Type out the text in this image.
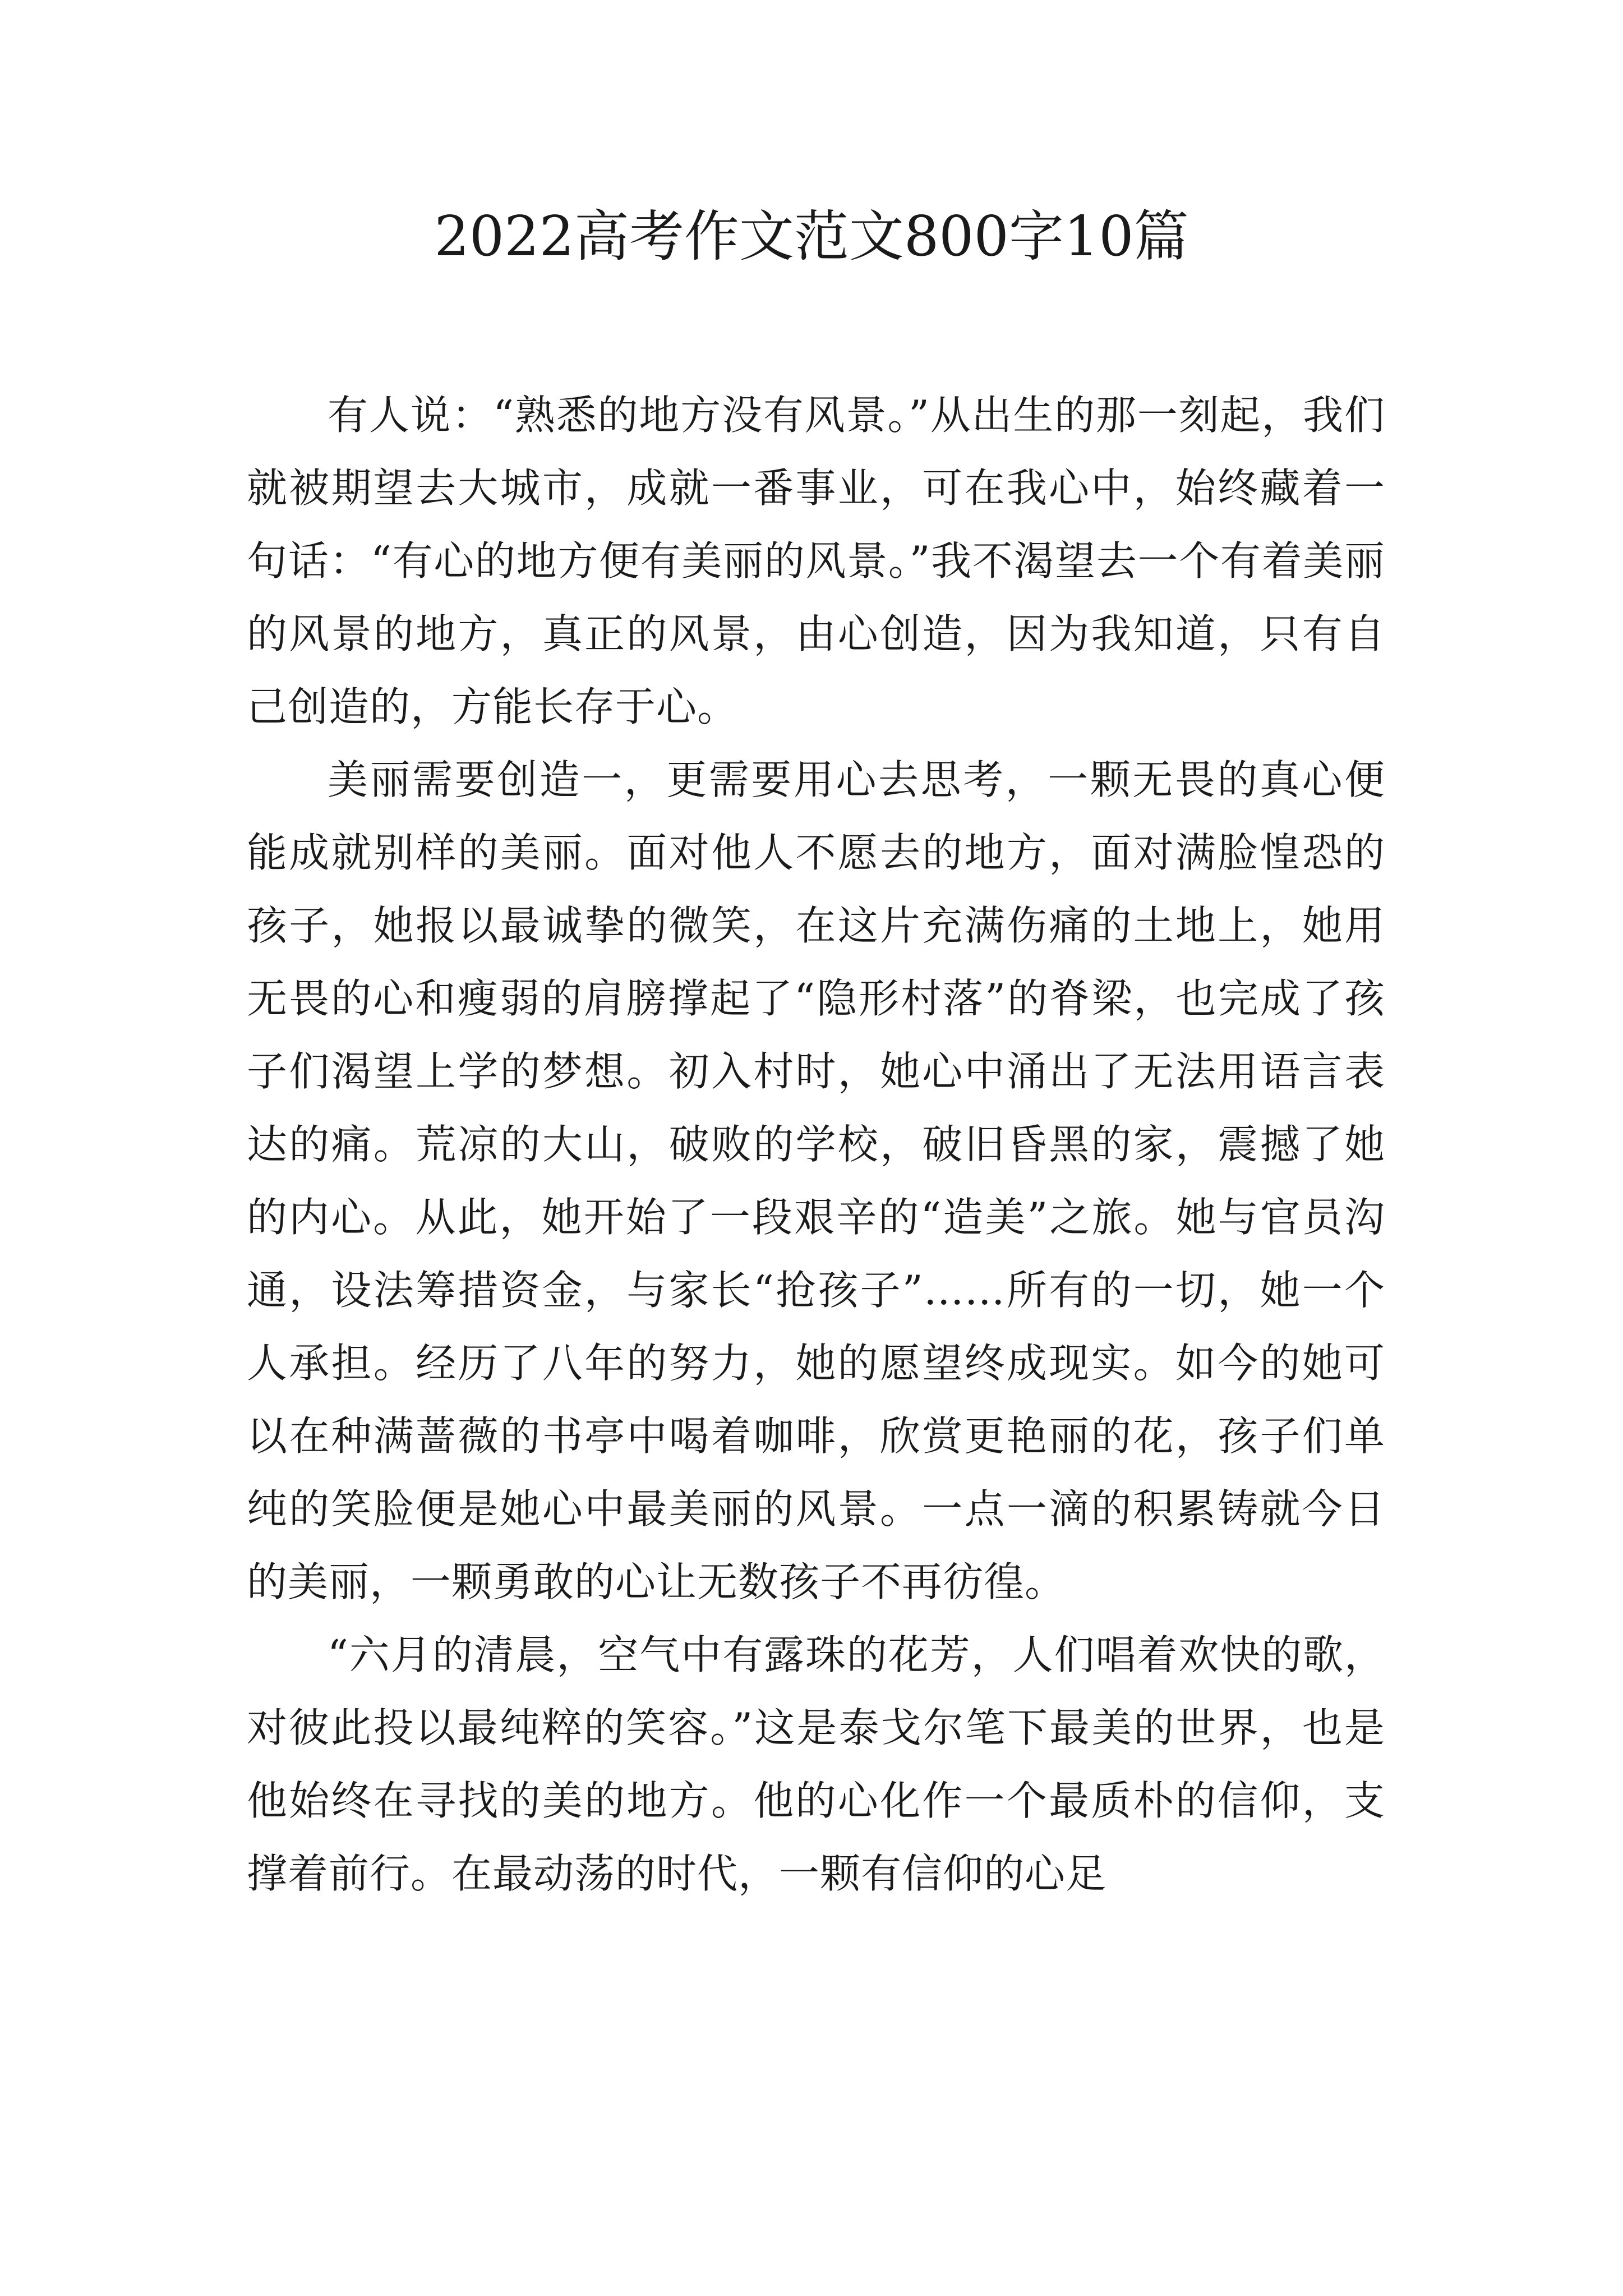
2022高考作文范文800字10篇

有人说：“熟悉的地方没有风景。”从出生的那一刻起，我们就被期望去大城市，成就一番事业，可在我心中，始终藏着一句话：“有心的地方便有美丽的风景。”我不渴望去一个有着美丽的风景的地方，真正的风景，由心创造，因为我知道，只有自己创造的，方能长存于心。

美丽需要创造一，更需要用心去思考，一颗无畏的真心便能成就别样的美丽。面对他人不愿去的地方，面对满脸惶恐的孩子，她报以最诚挚的微笑，在这片充满伤痛的土地上，她用无畏的心和瘦弱的肩膀撑起了“隐形村落”的脊梁，也完成了孩子们渴望上学的梦想。初入村时，她心中涌出了无法用语言表达的痛。荒凉的大山，破败的学校，破旧昏黑的家，震撼了她的内心。从此，她开始了一段艰辛的“造美”之旅。她与官员沟通，设法筹措资金，与家长“抢孩子”……所有的一切，她一个人承担。经历了八年的努力，她的愿望终成现实。如今的她可以在种满蔷薇的书亭中喝着咖啡，欣赏更艳丽的花，孩子们单纯的笑脸便是她心中最美丽的风景。一点一滴的积累铸就今日的美丽，一颗勇敢的心让无数孩子不再彷徨。

“六月的清晨，空气中有露珠的花芳，人们唱着欢快的歌，对彼此投以最纯粹的笑容。”这是泰戈尔笔下最美的世界，也是他始终在寻找的美的地方。他的心化作一个最质朴的信仰，支撑着前行。在最动荡的时代，一颗有信仰的心足
